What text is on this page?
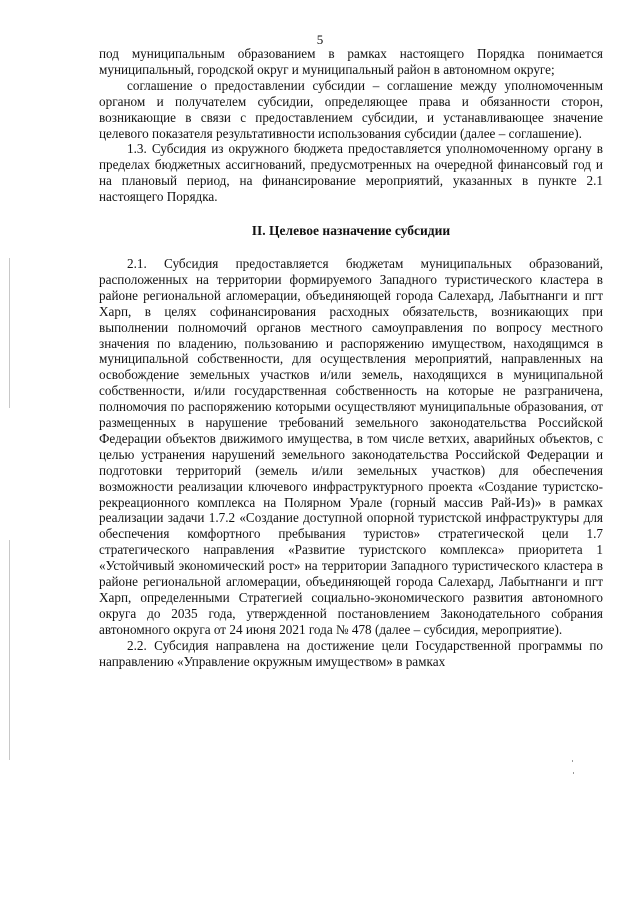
5

под муниципальным образованием в рамках настоящего Порядка понимается муниципальный, городской округ и муниципальный район в автономном округе;

соглашение о предоставлении субсидии – соглашение между уполномоченным органом и получателем субсидии, определяющее права и обязанности сторон, возникающие в связи с предоставлением субсидии, и устанавливающее значение целевого показателя результативности использования субсидии (далее – соглашение).

1.3. Субсидия из окружного бюджета предоставляется уполномоченному органу в пределах бюджетных ассигнований, предусмотренных на очередной финансовый год и на плановый период, на финансирование мероприятий, указанных в пункте 2.1 настоящего Порядка.

II. Целевое назначение субсидии

2.1. Субсидия предоставляется бюджетам муниципальных образований, расположенных на территории формируемого Западного туристического кластера в районе региональной агломерации, объединяющей города Салехард, Лабытнанги и пгт Харп, в целях софинансирования расходных обязательств, возникающих при выполнении полномочий органов местного самоуправления по вопросу местного значения по владению, пользованию и распоряжению имуществом, находящимся в муниципальной собственности, для осуществления мероприятий, направленных на освобождение земельных участков и/или земель, находящихся в муниципальной собственности, и/или государственная собственность на которые не разграничена, полномочия по распоряжению которыми осуществляют муниципальные образования, от размещенных в нарушение требований земельного законодательства Российской Федерации объектов движимого имущества, в том числе ветхих, аварийных объектов, с целью устранения нарушений земельного законодательства Российской Федерации и подготовки территорий (земель и/или земельных участков) для обеспечения возможности реализации ключевого инфраструктурного проекта «Создание туристско-рекреационного комплекса на Полярном Урале (горный массив Рай-Из)» в рамках реализации задачи 1.7.2 «Создание доступной опорной туристской инфраструктуры для обеспечения комфортного пребывания туристов» стратегической цели 1.7 стратегического направления «Развитие туристского комплекса» приоритета 1 «Устойчивый экономический рост» на территории Западного туристического кластера в районе региональной агломерации, объединяющей города Салехард, Лабытнанги и пгт Харп, определенными Стратегией социально-экономического развития автономного округа до 2035 года, утвержденной постановлением Законодательного собрания автономного округа от 24 июня 2021 года № 478 (далее – субсидия, мероприятие).

2.2. Субсидия направлена на достижение цели Государственной программы по направлению «Управление окружным имуществом» в рамках
